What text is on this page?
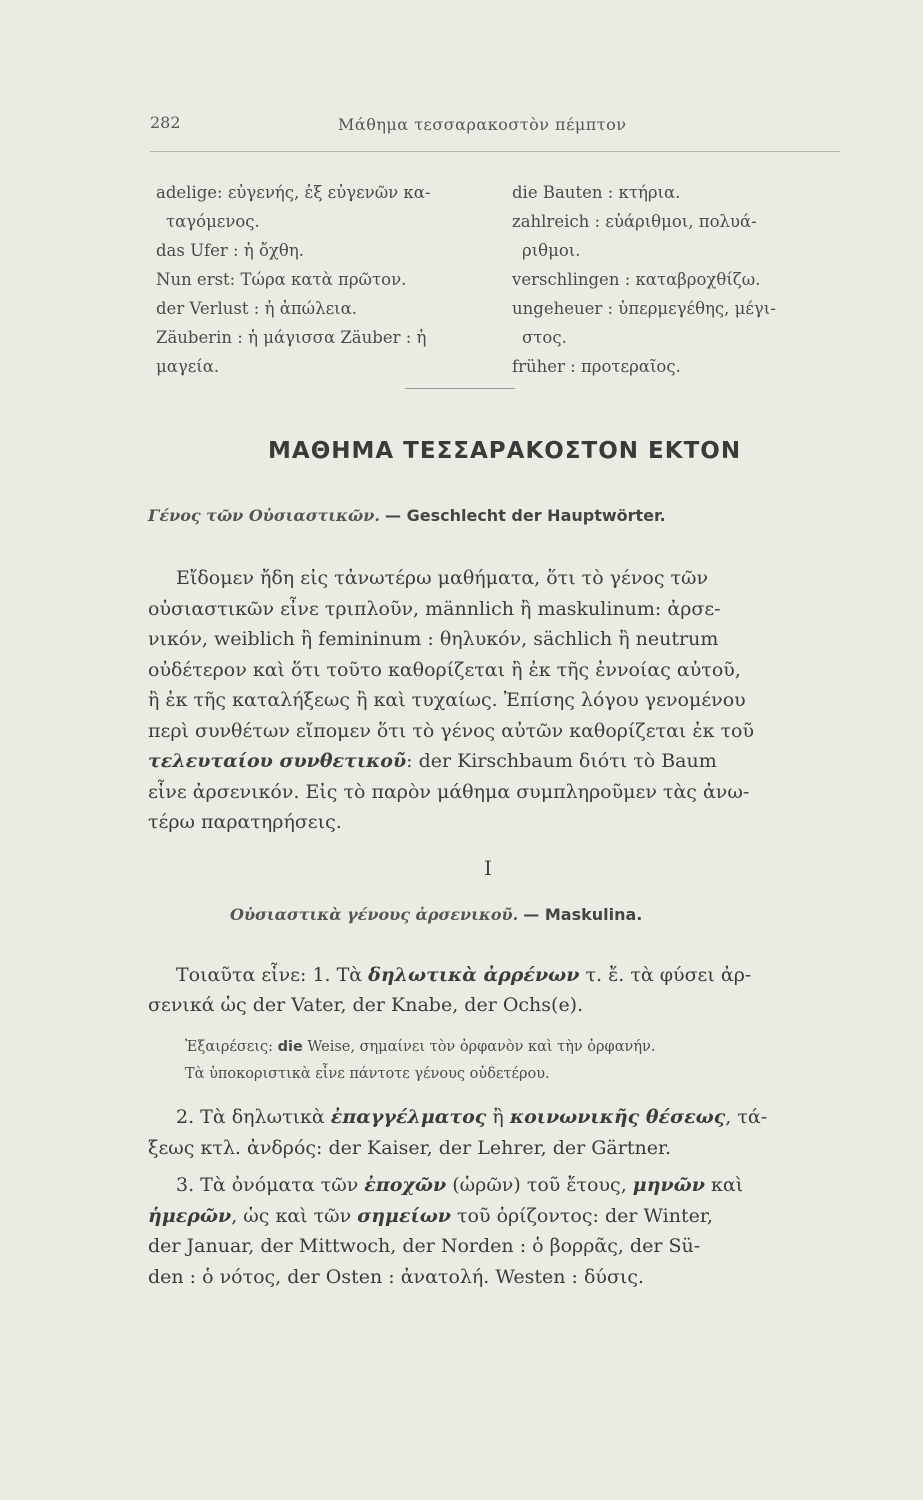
282	Μάθημα τεσσαρακοστὸν πέμπτον
adelige: εὐγενής, ἐξ εὐγενῶν κα-
ταγόμενος.
das Ufer : ἡ ὄχθη.
Nun erst: Τώρα κατὰ πρῶτον.
der Verlust : ἡ ἀπώλεια.
Zäuberin : ἡ μάγισσα Zäuber : ἡ
μαγεία.
die Bauten : κτήρια.
zahlreich : εὐάριθμοι, πολυά-
ριθμοι.
verschlingen : καταβροχθίζω.
ungeheuer : ὑπερμεγέθης, μέγι-
στος.
früher : προτεραῖος.
ΜΑΘΗΜΑ ΤΕΣΣΑΡΑΚΟΣΤΟΝ ΕΚΤΟΝ
Γένος τῶν Οὐσιαστικῶν. — Geschlecht der Hauptwörter.
Εἴδομεν ἤδη εἰς τἀνωτέρω μαθήματα, ὅτι τὸ γένος τῶν
οὐσιαστικῶν εἶνε τριπλοῦν, männlich ἢ maskulinum: ἀρσε-
νικόν, weiblich ἢ femininum : θηλυκόν, sächlich ἢ neutrum
οὐδέτερον καὶ ὅτι τοῦτο καθορίζεται ἢ ἐκ τῆς ἐννοίας αὐτοῦ,
ἢ ἐκ τῆς καταλήξεως ἢ καὶ τυχαίως. Ἐπίσης λόγου γενομένου
περὶ συνθέτων εἴπομεν ὅτι τὸ γένος αὐτῶν καθορίζεται ἐκ τοῦ
τελευταίου συνθετικοῦ: der Kirschbaum διότι τὸ Baum
εἶνε ἀρσενικόν. Εἰς τὸ παρὸν μάθημα συμπληροῦμεν τὰς ἀνω-
τέρω παρατηρήσεις.
I
Οὐσιαστικὰ γένους ἀρσενικοῦ. — Maskulina.
Τοιαῦτα εἶνε: 1. Τὰ δηλωτικὰ ἀρρένων τ. ἔ. τὰ φύσει ἀρ-
σενικά ὡς der Vater, der Knabe, der Ochs(e).
Ἐξαιρέσεις: die Weise, σημαίνει τὸν ὀρφανὸν καὶ τὴν ὀρφανήν.
Τὰ ὑποκοριστικὰ εἶνε πάντοτε γένους οὐδετέρου.
2. Τὰ δηλωτικὰ ἐπαγγέλματος ἢ κοινωνικῆς θέσεως, τά-
ξεως κτλ. ἀνδρός: der Kaiser, der Lehrer, der Gärtner.
3. Τὰ ὀνόματα τῶν ἐποχῶν (ὡρῶν) τοῦ ἔτους, μηνῶν καὶ
ἡμερῶν, ὡς καὶ τῶν σημείων τοῦ ὁρίζοντος: der Winter,
der Januar, der Mittwoch, der Norden : ὁ βορρᾶς, der Sü-
den : ὁ νότος, der Osten : ἀνατολή. Westen : δύσις.
